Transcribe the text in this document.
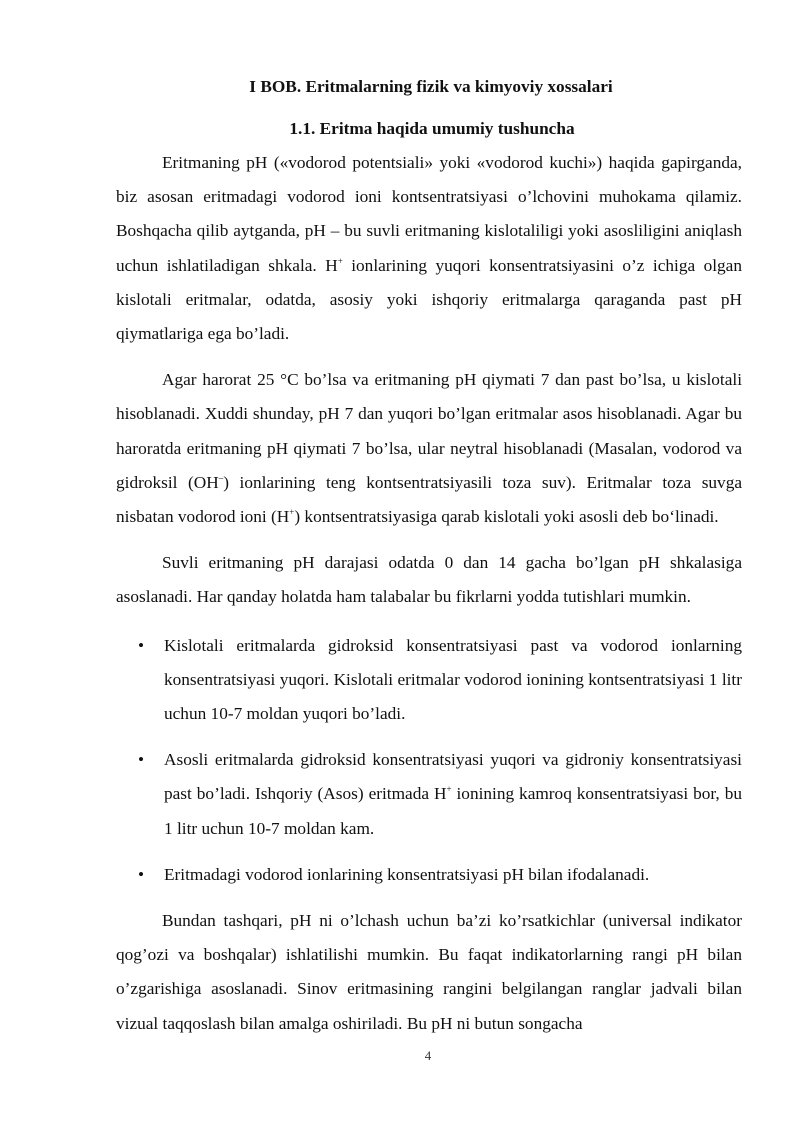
I BOB. Eritmalarning fizik va kimyoviy xossalari
1.1. Eritma haqida umumiy tushuncha

Eritmaning pH («vodorod potentsiali» yoki «vodorod kuchi») haqida gapirganda, biz asosan eritmadagi vodorod ioni kontsentratsiyasi o’lchovini muhokama qilamiz. Boshqacha qilib aytganda, pH – bu suvli eritmaning kislotaliligi yoki asosliligini aniqlash uchun ishlatiladigan shkala. H+ ionlarining yuqori konsentratsiyasini o’z ichiga olgan kislotali eritmalar, odatda, asosiy yoki ishqoriy eritmalarga qaraganda past pH qiymatlariga ega bo’ladi.

Agar harorat 25 °C bo’lsa va eritmaning pH qiymati 7 dan past bo’lsa, u kislotali hisoblanadi. Xuddi shunday, pH 7 dan yuqori bo’lgan eritmalar asos hisoblanadi. Agar bu haroratda eritmaning pH qiymati 7 bo’lsa, ular neytral hisoblanadi (Masalan, vodorod va gidroksil (OH–) ionlarining teng kontsentratsiyasili toza suv). Eritmalar toza suvga nisbatan vodorod ioni (H+) kontsentratsiyasiga qarab kislotali yoki asosli deb bo‘linadi.

Suvli eritmaning pH darajasi odatda 0 dan 14 gacha bo’lgan pH shkalasiga asoslanadi. Har qanday holatda ham talabalar bu fikrlarni yodda tutishlari mumkin.

• Kislotali eritmalarda gidroksid konsentratsiyasi past va vodorod ionlarning konsentratsiyasi yuqori. Kislotali eritmalar vodorod ionining kontsentratsiyasi 1 litr uchun 10-7 moldan yuqori bo’ladi.
• Asosli eritmalarda gidroksid konsentratsiyasi yuqori va gidroniy konsentratsiyasi past bo’ladi. Ishqoriy (Asos) eritmada H+ ionining kamroq konsentratsiyasi bor, bu 1 litr uchun 10-7 moldan kam.
• Eritmadagi vodorod ionlarining konsentratsiyasi pH bilan ifodalanadi.

Bundan tashqari, pH ni o’lchash uchun ba’zi ko’rsatkichlar (universal indikator qog’ozi va boshqalar) ishlatilishi mumkin. Bu faqat indikatorlarning rangi pH bilan o’zgarishiga asoslanadi. Sinov eritmasining rangini belgilangan ranglar jadvali bilan vizual taqqoslash bilan amalga oshiriladi. Bu pH ni butun songacha

4
